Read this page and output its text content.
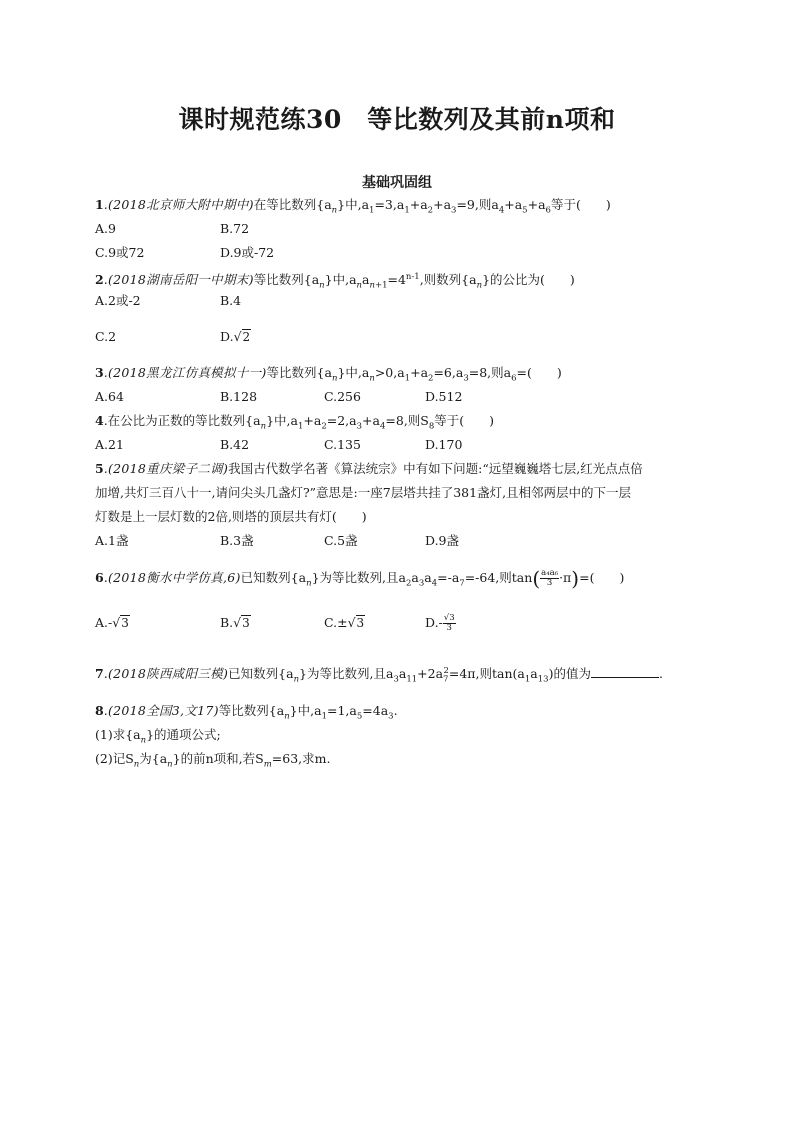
课时规范练30　等比数列及其前n项和
基础巩固组
1.(2018北京师大附中期中)在等比数列$\{a_n\}$中$,a_1=3,a_1+a_2+a_3=9$,则$a_4+a_5+a_6$等于(　　)
A.9	B.72
C.9或72	D.9或-72
2.(2018湖南岳阳一中期末)等比数列$\{a_n\}$中$,a_na_{n+1}=4^{n-1}$,则数列$\{a_n\}$的公比为(　　)
A.2或-2	B.4
C.2	D.√2
3.(2018黑龙江仿真模拟十一)等比数列$\{a_n\}$中$,a_n>0,a_1+a_2=6,a_3=8$,则$a_6=$(　　)
A.64	B.128	C.256	D.512
4.在公比为正数的等比数列$\{a_n\}$中$,a_1+a_2=2,a_3+a_4=8$,则$S_8$等于(　　)
A.21	B.42	C.135	D.170
5.(2018重庆梁子二调)我国古代数学名著《算法统宗》中有如下问题:“远望巍巍塔七层,红光点点倍
加增,共灯三百八十一,请问尖头几盏灯?”意思是:一座7层塔共挂了381盏灯,且相邻两层中的下一层
灯数是上一层灯数的2倍,则塔的顶层共有灯(　　)
A.1盏	B.3盏	C.5盏	D.9盏
6.(2018衡水中学仿真,6)已知数列$\{a_n\}$为等比数列,且$a_2a_3a_4=-a_7=-64$,则$\tan( \frac{\text{a₄a₆}}{3} \cdot\pi)=$(　　)
A.-√3	B.√3	C.±√3	$D.- \frac{√3}{3}$
7.(2018陕西咸阳三模)已知数列$\{a_n\}$为等比数列,且$a_3a_{11}+2a_7^2=4\pi$,则$\tan(a_1a_{13})$的值为	.
8.(2018全国3,文17)等比数列$\{a_n\}$中$,a_1=1,a_5=4a_3$.
(1)求$\{a_n\}$的通项公式;
(2)记$S_n$为$\{a_n\}$的前n项和,若$S_m=63$,求m.
